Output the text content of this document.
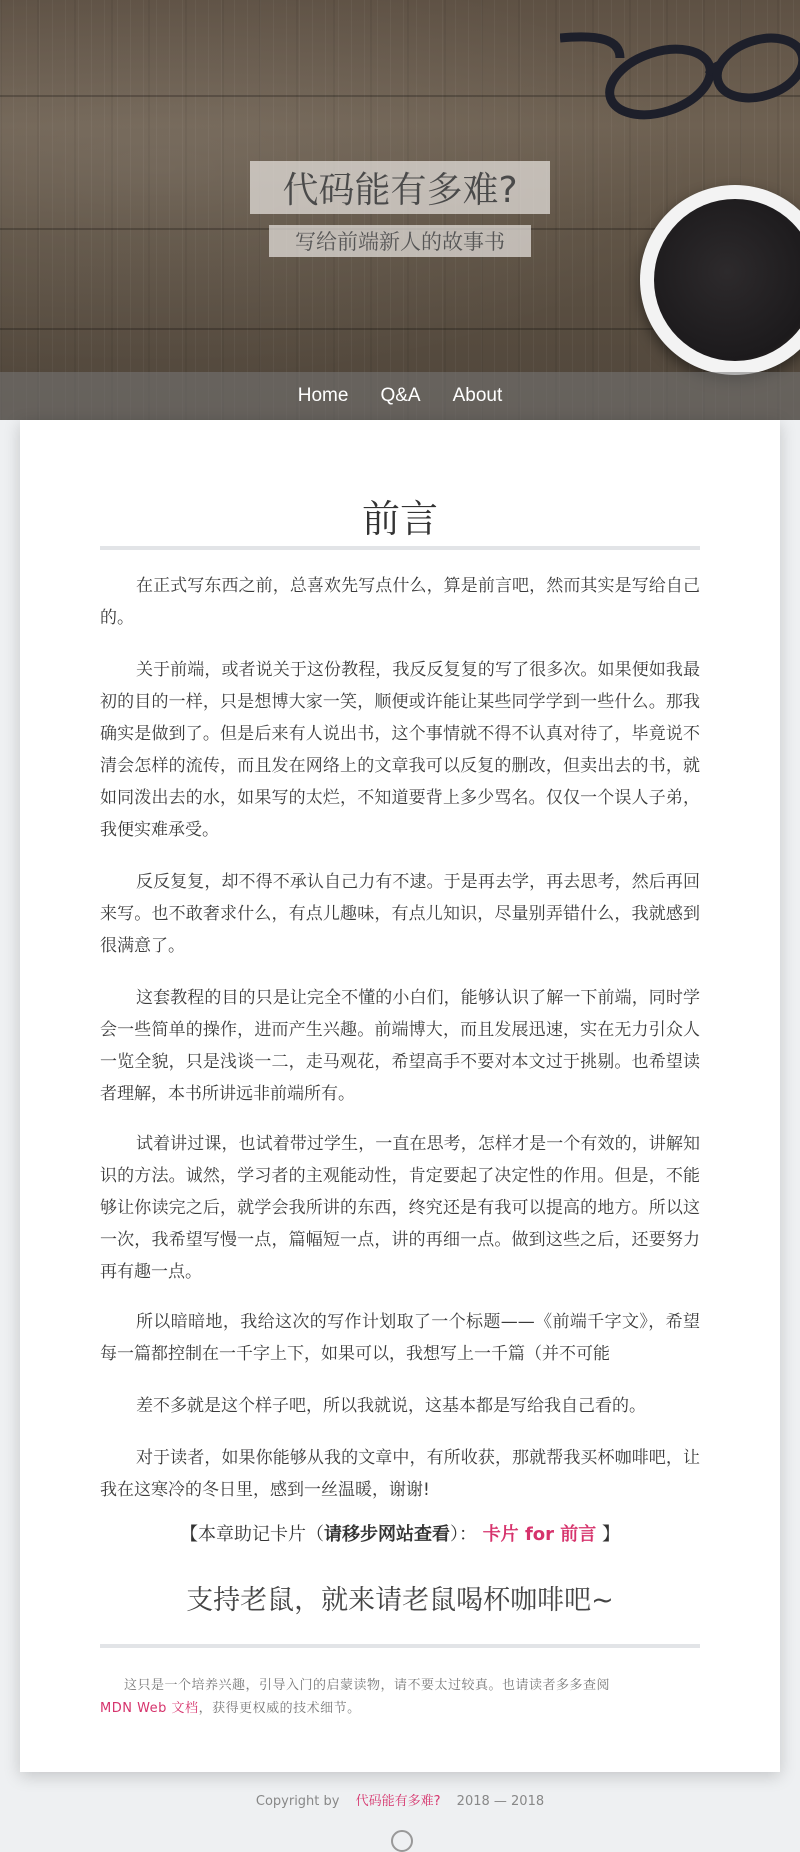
代码能有多难?
写给前端新人的故事书
Home Q&A About
前言

在正式写东西之前，总喜欢先写点什么，算是前言吧，然而其实是写给自己的。

关于前端，或者说关于这份教程，我反反复复的写了很多次。如果便如我最初的目的一样，只是想博大家一笑，顺便或许能让某些同学学到一些什么。那我确实是做到了。但是后来有人说出书，这个事情就不得不认真对待了，毕竟说不清会怎样的流传，而且发在网络上的文章我可以反复的删改，但卖出去的书，就如同泼出去的水，如果写的太烂，不知道要背上多少骂名。仅仅一个误人子弟，我便实难承受。

反反复复，却不得不承认自己力有不逮。于是再去学，再去思考，然后再回来写。也不敢奢求什么，有点儿趣味，有点儿知识，尽量别弄错什么，我就感到很满意了。

这套教程的目的只是让完全不懂的小白们，能够认识了解一下前端，同时学会一些简单的操作，进而产生兴趣。前端博大，而且发展迅速，实在无力引众人一览全貌，只是浅谈一二，走马观花，希望高手不要对本文过于挑剔。也希望读者理解，本书所讲远非前端所有。

试着讲过课，也试着带过学生，一直在思考，怎样才是一个有效的，讲解知识的方法。诚然，学习者的主观能动性，肯定要起了决定性的作用。但是，不能够让你读完之后，就学会我所讲的东西，终究还是有我可以提高的地方。所以这一次，我希望写慢一点，篇幅短一点，讲的再细一点。做到这些之后，还要努力再有趣一点。

所以暗暗地，我给这次的写作计划取了一个标题——《前端千字文》，希望每一篇都控制在一千字上下，如果可以，我想写上一千篇（并不可能

差不多就是这个样子吧，所以我就说，这基本都是写给我自己看的。

对于读者，如果你能够从我的文章中，有所收获，那就帮我买杯咖啡吧，让我在这寒冷的冬日里，感到一丝温暖，谢谢!

【本章助记卡片（请移步网站查看）： 卡片 for 前言 】
支持老鼠，就来请老鼠喝杯咖啡吧~
这只是一个培养兴趣，引导入门的启蒙读物，请不要太过较真。也请读者多多查阅
MDN Web 文档，获得更权威的技术细节。
Copyright by 代码能有多难? 2018 — 2018
